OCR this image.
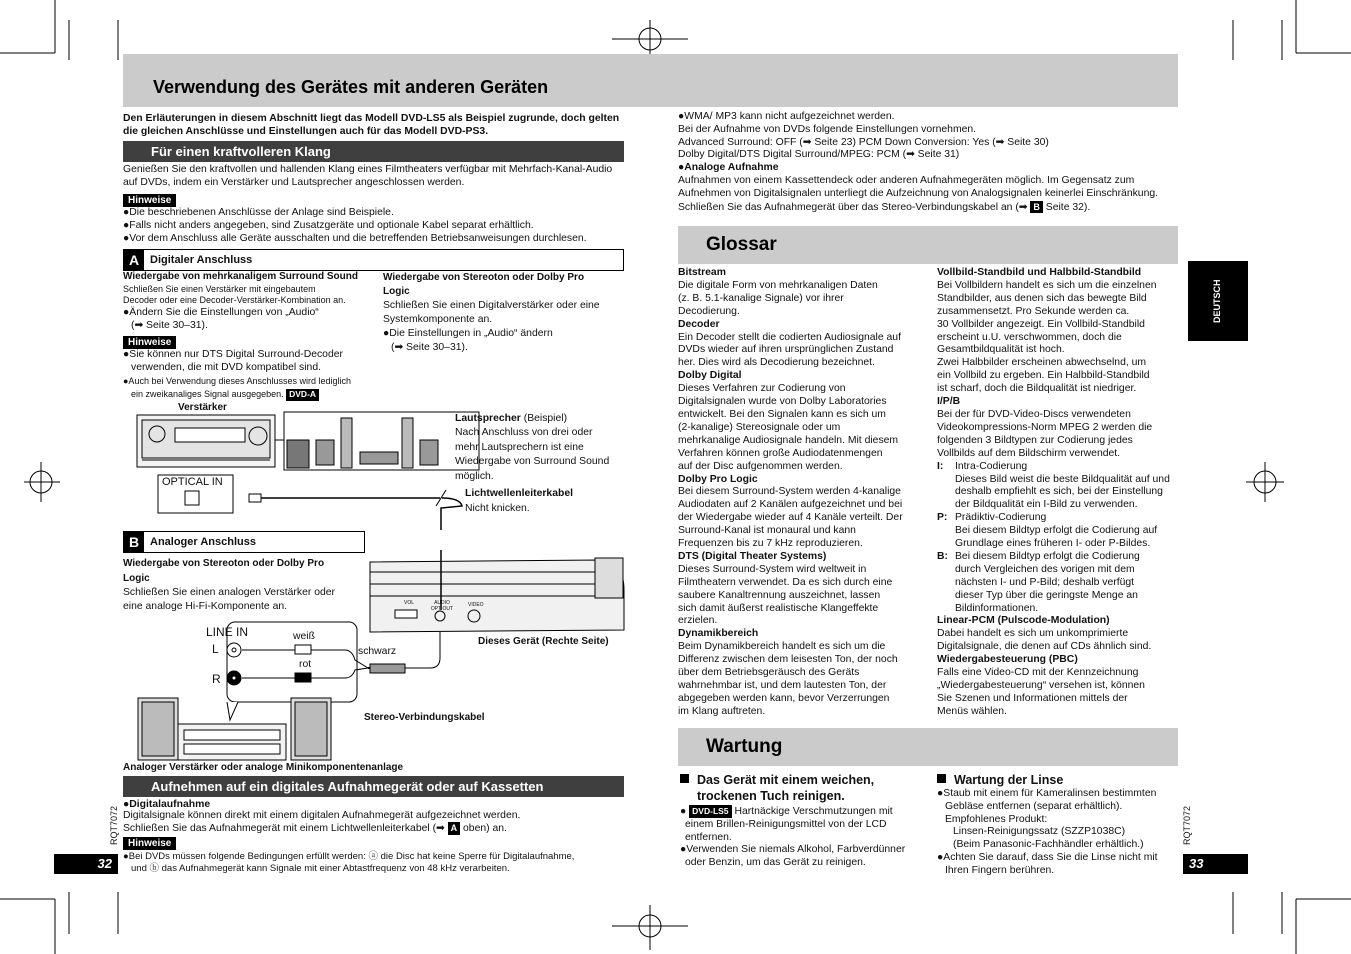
Verwendung des Gerätes mit anderen Geräten

Den Erläuterungen in diesem Abschnitt liegt das Modell DVD-LS5 als Beispiel zugrunde, doch gelten die gleichen Anschlüsse und Einstellungen auch für das Modell DVD-PS3.

Für einen kraftvolleren Klang

Genießen Sie den kraftvollen und hallenden Klang eines Filmtheaters verfügbar mit Mehrfach-Kanal-Audio auf DVDs, indem ein Verstärker und Lautsprecher angeschlossen werden.

Hinweise
●Die beschriebenen Anschlüsse der Anlage sind Beispiele.
●Falls nicht anders angegeben, sind Zusatzgeräte und optionale Kabel separat erhältlich.
●Vor dem Anschluss alle Geräte ausschalten und die betreffenden Betriebsanweisungen durchlesen.
A Digitaler Anschluss
Wiedergabe von mehrkanaligem Surround Sound
Schließen Sie einen Verstärker mit eingebautem
Decoder oder eine Decoder-Verstärker-Kombination an.
●Ändern Sie die Einstellungen von „Audio“
(➡ Seite 30–31).
Hinweise
●Sie können nur DTS Digital Surround-Decoder
verwenden, die mit DVD kompatibel sind.
●Auch bei Verwendung dieses Anschlusses wird lediglich
ein zweikanaliges Signal ausgegeben. DVD-A
Wiedergabe von Stereoton oder Dolby Pro
Logic
Schließen Sie einen Digitalverstärker oder eine
Systemkomponente an.
●Die Einstellungen in „Audio“ ändern
(➡ Seite 30–31).
Verstärker
OPTICAL IN
Lautsprecher (Beispiel)
Nach Anschluss von drei oder
mehr Lautsprechern ist eine
Wiedergabe von Surround Sound
möglich.
Lichtwellenleiterkabel
Nicht knicken.
B Analoger Anschluss
Wiedergabe von Stereoton oder Dolby Pro
Logic
Schließen Sie einen analogen Verstärker oder
eine analoge Hi-Fi-Komponente an.	VOL	AUDIO
OPT OUT
VIDEO
LINE IN
L
R
weiß
rot
schwarz
Dieses Gerät (Rechte Seite)
Stereo-Verbindungskabel
Analoger Verstärker oder analoge Minikomponentenanlage
Aufnehmen auf ein digitales Aufnahmegerät oder auf Kassetten
●Digitalaufnahme
Digitalsignale können direkt mit einem digitalen Aufnahmegerät aufgezeichnet werden.
Schließen Sie das Aufnahmegerät mit einem Lichtwellenleiterkabel (➡ A oben) an.
Hinweise
●Bei DVDs müssen folgende Bedingungen erfüllt werden: ⓐ die Disc hat keine Sperre für Digitalaufnahme,
und ⓑ das Aufnahmegerät kann Signale mit einer Abtastfrequenz von 48 kHz verarbeiten.
RQT7072
32
●WMA/ MP3 kann nicht aufgezeichnet werden.
Bei der Aufnahme von DVDs folgende Einstellungen vornehmen.
Advanced Surround: OFF (➡ Seite 23) PCM Down Conversion: Yes (➡ Seite 30)
Dolby Digital/DTS Digital Surround/MPEG: PCM (➡ Seite 31)
●Analoge Aufnahme
Aufnahmen von einem Kassettendeck oder anderen Aufnahmegeräten möglich. Im Gegensatz zum
Aufnehmen von Digitalsignalen unterliegt die Aufzeichnung von Analogsignalen keinerlei Einschränkung.
Schließen Sie das Aufnahmegerät über das Stereo-Verbindungskabel an (➡ B Seite 32).
Glossar
Bitstream
Die digitale Form von mehrkanaligen Daten
(z. B. 5.1-kanalige Signale) vor ihrer
Decodierung.
Decoder
Ein Decoder stellt die codierten Audiosignale auf
DVDs wieder auf ihren ursprünglichen Zustand
her. Dies wird als Decodierung bezeichnet.
Dolby Digital
Dieses Verfahren zur Codierung von
Digitalsignalen wurde von Dolby Laboratories
entwickelt. Bei den Signalen kann es sich um
(2-kanalige) Stereosignale oder um
mehrkanalige Audiosignale handeln. Mit diesem
Verfahren können große Audiodatenmengen
auf der Disc aufgenommen werden.
Dolby Pro Logic
Bei diesem Surround-System werden 4-kanalige
Audiodaten auf 2 Kanälen aufgezeichnet und bei
der Wiedergabe wieder auf 4 Kanäle verteilt. Der
Surround-Kanal ist monaural und kann
Frequenzen bis zu 7 kHz reproduzieren.
DTS (Digital Theater Systems)
Dieses Surround-System wird weltweit in
Filmtheatern verwendet. Da es sich durch eine
saubere Kanaltrennung auszeichnet, lassen
sich damit äußerst realistische Klangeffekte
erzielen.
Dynamikbereich
Beim Dynamikbereich handelt es sich um die
Differenz zwischen dem leisesten Ton, der noch
über dem Betriebsgeräusch des Geräts
wahrnehmbar ist, und dem lautesten Ton, der
abgegeben werden kann, bevor Verzerrungen
im Klang auftreten.
Vollbild-Standbild und Halbbild-Standbild
Bei Vollbildern handelt es sich um die einzelnen
Standbilder, aus denen sich das bewegte Bild
zusammensetzt. Pro Sekunde werden ca.
30 Vollbilder angezeigt. Ein Vollbild-Standbild
erscheint u.U. verschwommen, doch die
Gesamtbildqualität ist hoch.
Zwei Halbbilder erscheinen abwechselnd, um
ein Vollbild zu ergeben. Ein Halbbild-Standbild
ist scharf, doch die Bildqualität ist niedriger.
I/P/B
Bei der für DVD-Video-Discs verwendeten
Videokompressions-Norm MPEG 2 werden die
folgenden 3 Bildtypen zur Codierung jedes
Vollbilds auf dem Bildschirm verwendet.
I: Intra-Codierung
Dieses Bild weist die beste Bildqualität auf und
deshalb empfiehlt es sich, bei der Einstellung
der Bildqualität ein I-Bild zu verwenden.
P: Prädiktiv-Codierung
Bei diesem Bildtyp erfolgt die Codierung auf
Grundlage eines früheren I- oder P-Bildes.
B: Bei diesem Bildtyp erfolgt die Codierung
durch Vergleichen des vorigen mit dem
nächsten I- und P-Bild; deshalb verfügt
dieser Typ über die geringste Menge an
Bildinformationen.
Linear-PCM (Pulscode-Modulation)
Dabei handelt es sich um unkomprimierte
Digitalsignale, die denen auf CDs ähnlich sind.
Wiedergabesteuerung (PBC)
Falls eine Video-CD mit der Kennzeichnung
„Wiedergabesteuerung“ versehen ist, können
Sie Szenen und Informationen mittels der
Menüs wählen.
Wartung
Das Gerät mit einem weichen,
trockenen Tuch reinigen.
● DVD-LS5 Hartnäckige Verschmutzungen mit
einem Brillen-Reinigungsmittel von der LCD
entfernen.
●Verwenden Sie niemals Alkohol, Farbverdünner
oder Benzin, um das Gerät zu reinigen.
Wartung der Linse
●Staub mit einem für Kameralinsen bestimmten
Gebläse entfernen (separat erhältlich).
Empfohlenes Produkt:
Linsen-Reinigungssatz (SZZP1038C)
(Beim Panasonic-Fachhändler erhältlich.)
●Achten Sie darauf, dass Sie die Linse nicht mit
Ihren Fingern berühren.
DEUTSCH
RQT7072
33
